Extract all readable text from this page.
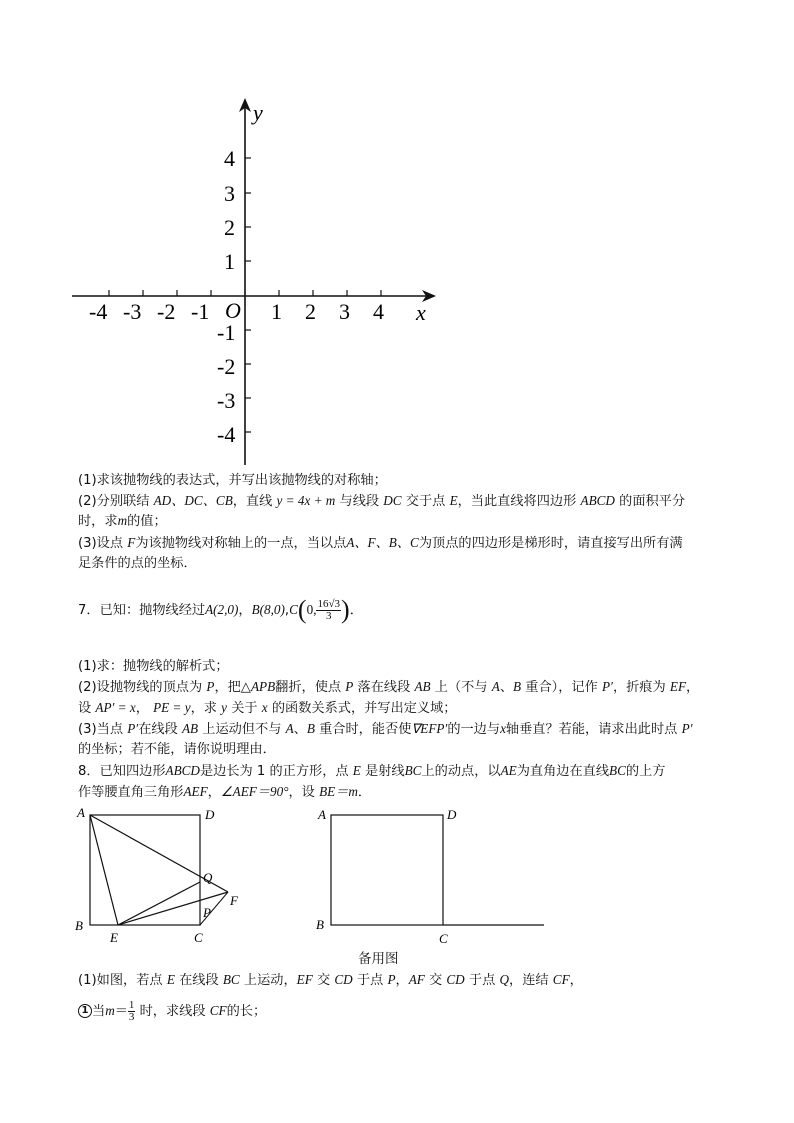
y
x
O
-4 -3 -2 -1	1 2 3 4
4
3
2
1
-1
-2
-3
-4
(1)求该抛物线的表达式，并写出该抛物线的对称轴；
(2)分别联结 AD、DC、CB，直线 y = 4x + m 与线段 DC 交于点 E，当此直线将四边形 ABCD 的面积平分
时，求m的值；
(3)设点 F为该抛物线对称轴上的一点，当以点A、F、B、C为顶点的四边形是梯形时，请直接写出所有满
足条件的点的坐标．
7．已知：抛物线经过A(2,0)，B(8,0),C(0, $\frac{16√3}{3}$ )．
(1)求：抛物线的解析式；
(2)设抛物线的顶点为 P，把△APB翻折，使点 P 落在线段 AB 上（不与 A、B 重合），记作 P′，折痕为 EF，
设 AP′ = x， PE = y，求 y 关于 x 的函数关系式，并写出定义域；
(3)当点 P′在线段 AB 上运动但不与 A、B 重合时，能否使∇EFP′的一边与x轴垂直？若能，请求出此时点 P′
的坐标；若不能，请你说明理由．
8．已知四边形ABCD是边长为 1 的正方形，点 E 是射线BC上的动点，以AE为直角边在直线BC的上方
作等腰直角三角形AEF，∠AEF＝90°，设 BE＝m．
A	D
Q
F
P
B
E	C
A	D
B
C
备用图
(1)如图，若点 E 在线段 BC 上运动，EF 交 CD 于点 P，AF 交 CD 于点 Q，连结 CF，
1 当$m= \frac{1}{3}$ 时，求线段 CF的长；
